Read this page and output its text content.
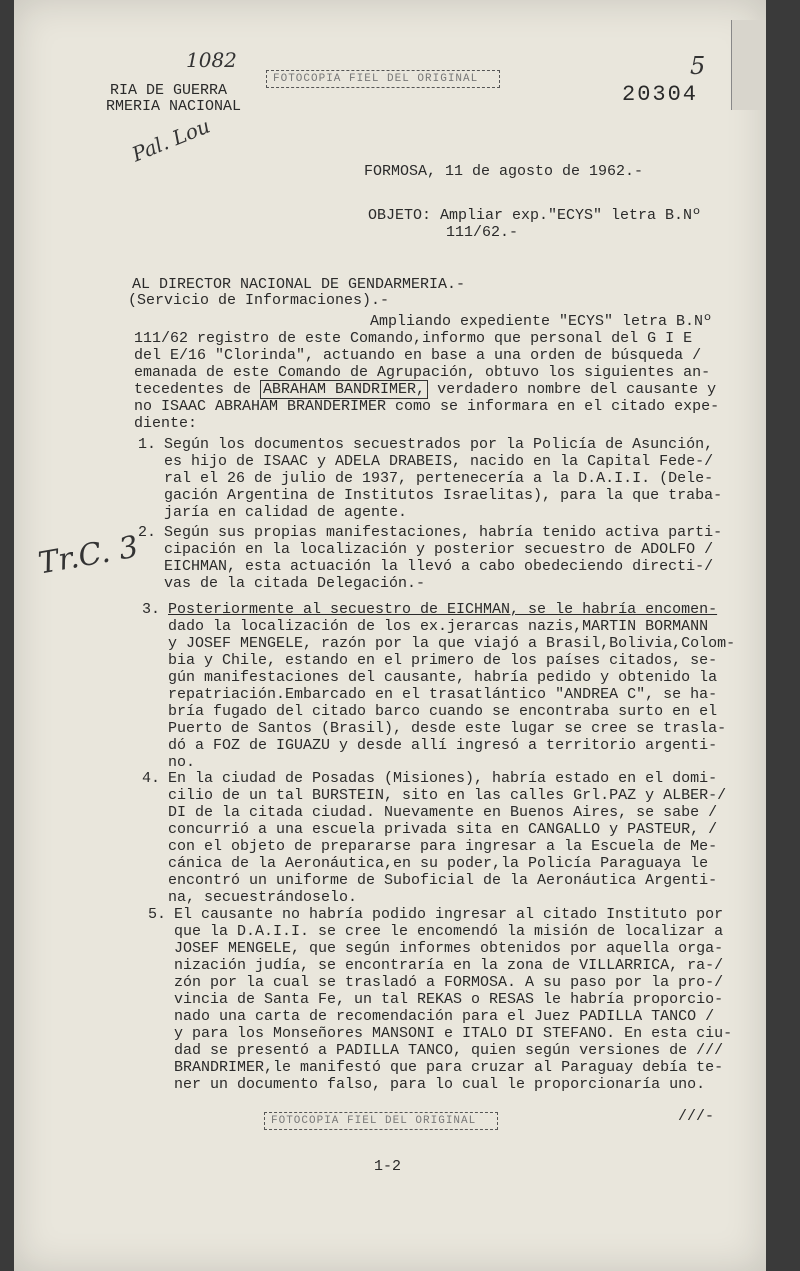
RIA DE GUERRA
RMERIA NACIONAL
1082
Pal. Lou
FOTOCOPIA FIEL DEL ORIGINAL
20304
5
FORMOSA, 11 de agosto de 1962.-
OBJETO: Ampliar exp."ECYS" letra B.Nº
111/62.-
AL DIRECTOR NACIONAL DE GENDARMERIA.-
(Servicio de Informaciones).-
Ampliando expediente "ECYS" letra B.Nº
111/62 registro de este Comando,informo que personal del G I E
del E/16 "Clorinda", actuando en base a una orden de búsqueda /
emanada de este Comando de Agrupación, obtuvo los siguientes an-
tecedentes de ABRAHAM BANDRIMER, verdadero nombre del causante y
no ISAAC ABRAHAM BRANDERIMER como se informara en el citado expe-
diente:
1. Según los documentos secuestrados por la Policía de Asunción,
es hijo de ISAAC y ADELA DRABEIS, nacido en la Capital Fede-/
ral el 26 de julio de 1937, pertenecería a la D.A.I.I. (Dele-
gación Argentina de Institutos Israelitas), para la que traba-
jaría en calidad de agente.
2. Según sus propias manifestaciones, habría tenido activa parti-
cipación en la localización y posterior secuestro de ADOLFO /
EICHMAN, esta actuación la llevó a cabo obedeciendo directi-/
vas de la citada Delegación.-
Tr.C. 3
3. Posteriormente al secuestro de EICHMAN, se le habría encomen-
dado la localización de los ex.jerarcas nazis,MARTIN BORMANN
y JOSEF MENGELE, razón por la que viajó a Brasil,Bolivia,Colom-
bia y Chile, estando en el primero de los países citados, se-
gún manifestaciones del causante, habría pedido y obtenido la
repatriación.Embarcado en el trasatlántico "ANDREA C", se ha-
bría fugado del citado barco cuando se encontraba surto en el
Puerto de Santos (Brasil), desde este lugar se cree se trasla-
dó a FOZ de IGUAZU y desde allí ingresó a territorio argenti-
no.
4. En la ciudad de Posadas (Misiones), habría estado en el domi-
cilio de un tal BURSTEIN, sito en las calles Grl.PAZ y ALBER-/
DI de la citada ciudad. Nuevamente en Buenos Aires, se sabe /
concurrió a una escuela privada sita en CANGALLO y PASTEUR, /
con el objeto de prepararse para ingresar a la Escuela de Me-
cánica de la Aeronáutica,en su poder,la Policía Paraguaya le
encontró un uniforme de Suboficial de la Aeronáutica Argenti-
na, secuestrándoselo.
5. El causante no habría podido ingresar al citado Instituto por
que la D.A.I.I. se cree le encomendó la misión de localizar a
JOSEF MENGELE, que según informes obtenidos por aquella orga-
nización judía, se encontraría en la zona de VILLARRICA, ra-/
zón por la cual se trasladó a FORMOSA. A su paso por la pro-/
vincia de Santa Fe, un tal REKAS o RESAS le habría proporcio-
nado una carta de recomendación para el Juez PADILLA TANCO /
y para los Monseñores MANSONI e ITALO DI STEFANO. En esta ciu-
dad se presentó a PADILLA TANCO, quien según versiones de ///
BRANDRIMER,le manifestó que para cruzar al Paraguay debía te-
ner un documento falso, para lo cual le proporcionaría uno.
///-
FOTOCOPIA FIEL DEL ORIGINAL
1-2
